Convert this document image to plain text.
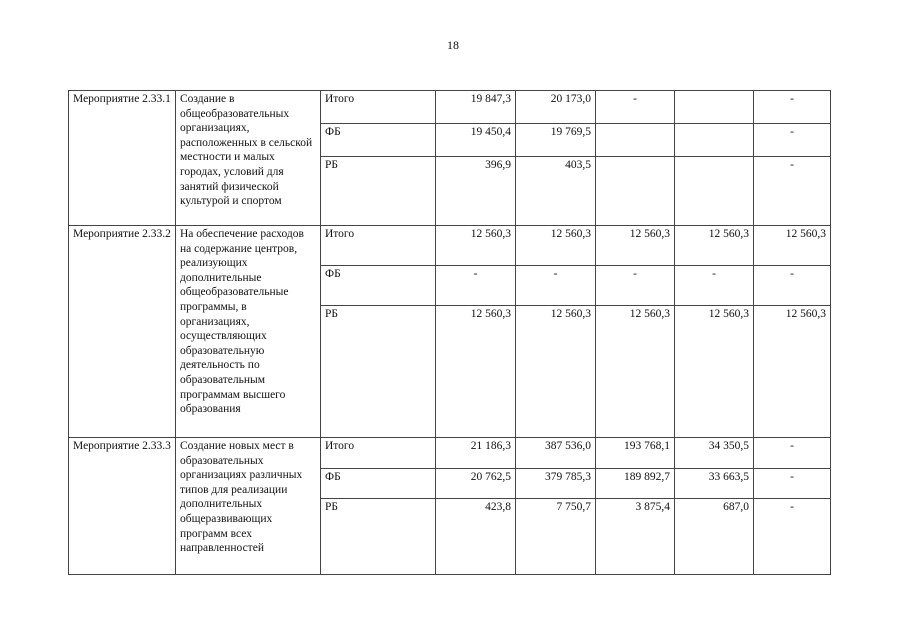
18
Мероприятие 2.33.1	Создание в общеобразовательных организациях, расположенных в сельской местности и малых городах, условий для занятий физической культурой и спортом	Итого	19 847,3	20 173,0	-		-
		ФБ	19 450,4	19 769,5			-
		РБ	396,9	403,5			-
Мероприятие 2.33.2	На обеспечение расходов на содержание центров, реализующих дополнительные общеобразовательные программы, в организациях, осуществляющих образовательную деятельность по образовательным программам высшего образования	Итого	12 560,3	12 560,3	12 560,3	12 560,3	12 560,3
		ФБ	-	-	-	-	-
		РБ	12 560,3	12 560,3	12 560,3	12 560,3	12 560,3
Мероприятие 2.33.3	Создание новых мест в образовательных организациях различных типов для реализации дополнительных общеразвивающих программ всех направленностей	Итого	21 186,3	387 536,0	193 768,1	34 350,5	-
		ФБ	20 762,5	379 785,3	189 892,7	33 663,5	-
		РБ	423,8	7 750,7	3 875,4	687,0	-
